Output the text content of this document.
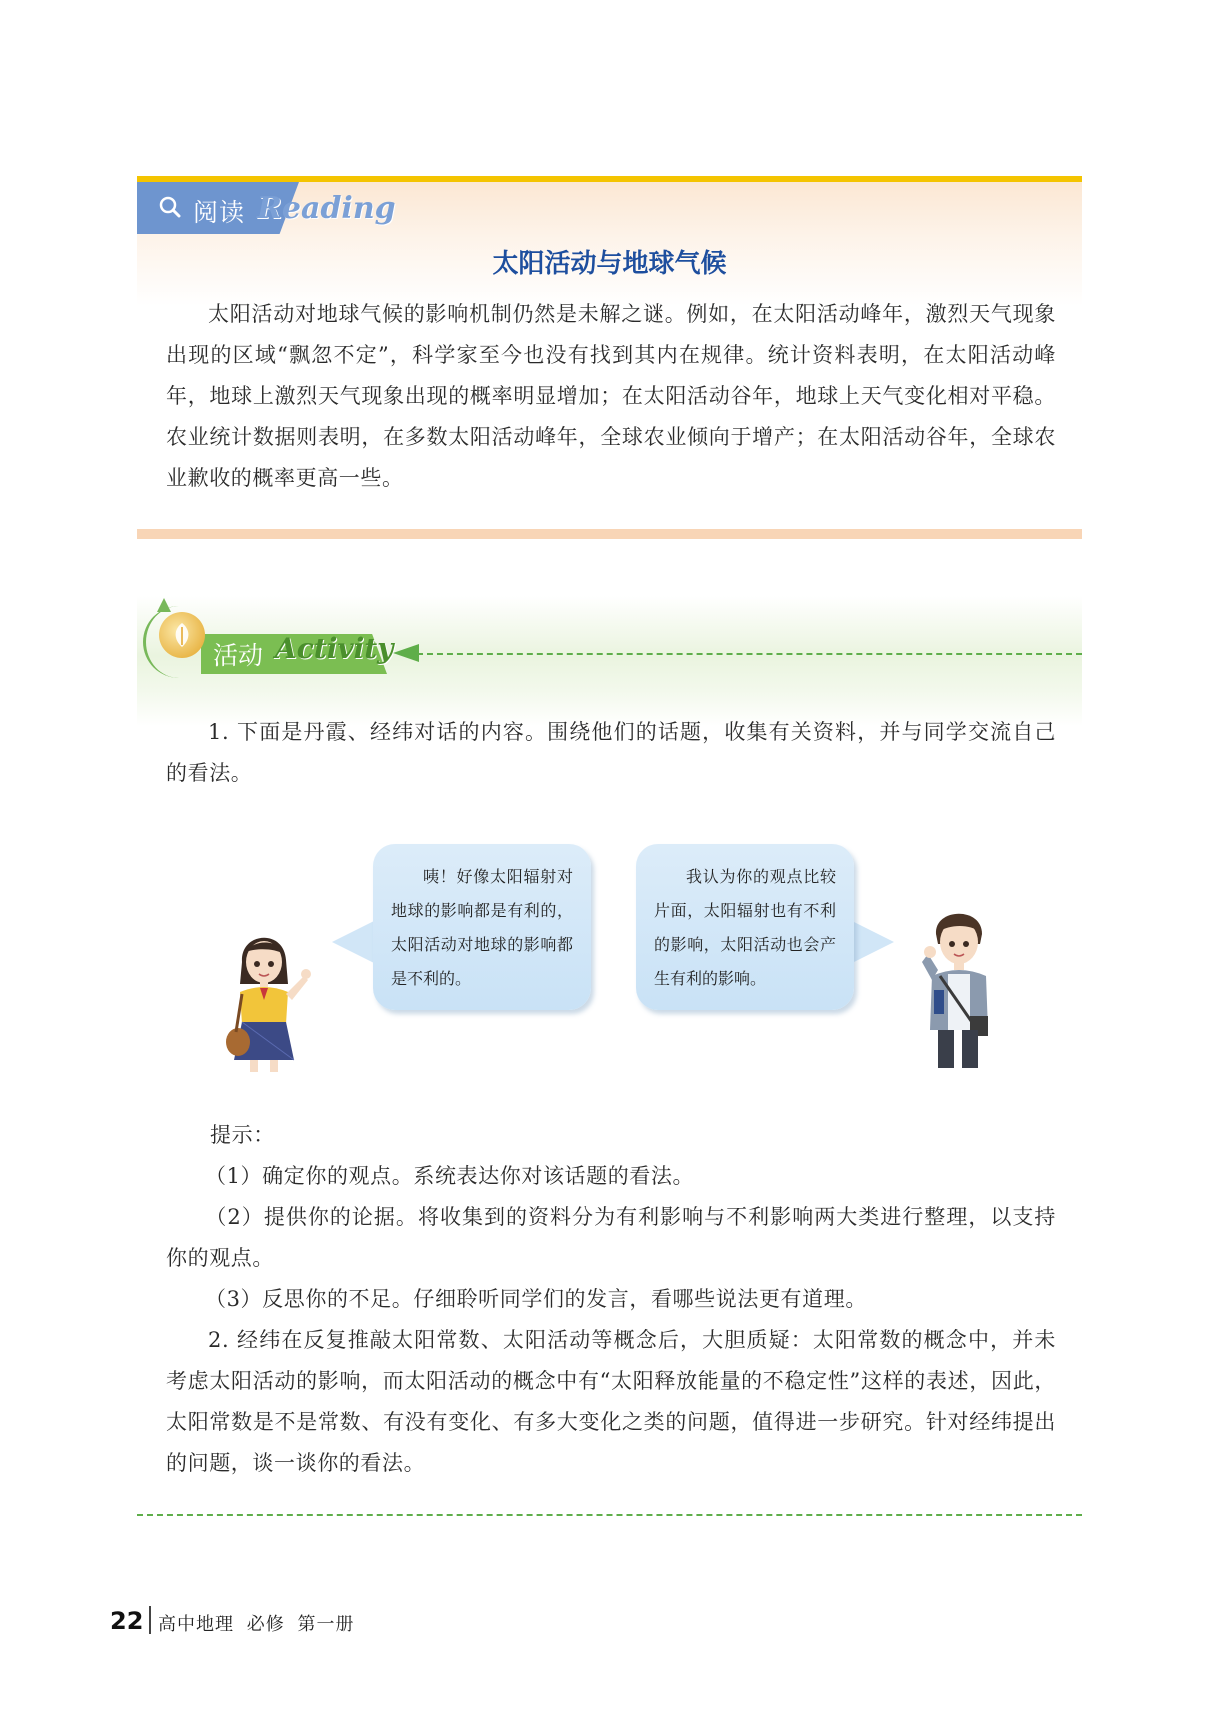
阅读 Reading
太阳活动与地球气候
太阳活动对地球气候的影响机制仍然是未解之谜。例如，在太阳活动峰年，激烈天气现象出现的区域“飘忽不定”，科学家至今也没有找到其内在规律。统计资料表明，在太阳活动峰年，地球上激烈天气现象出现的概率明显增加；在太阳活动谷年，地球上天气变化相对平稳。农业统计数据则表明，在多数太阳活动峰年，全球农业倾向于增产；在太阳活动谷年，全球农业歉收的概率更高一些。
活动 Activity
1. 下面是丹霞、经纬对话的内容。围绕他们的话题，收集有关资料，并与同学交流自己的看法。

咦！好像太阳辐射对地球的影响都是有利的，太阳活动对地球的影响都是不利的。

我认为你的观点比较片面，太阳辐射也有不利的影响，太阳活动也会产生有利的影响。

提示：
（1）确定你的观点。系统表达你对该话题的看法。
（2）提供你的论据。将收集到的资料分为有利影响与不利影响两大类进行整理，以支持你的观点。
（3）反思你的不足。仔细聆听同学们的发言，看哪些说法更有道理。
2. 经纬在反复推敲太阳常数、太阳活动等概念后，大胆质疑：太阳常数的概念中，并未考虑太阳活动的影响，而太阳活动的概念中有“太阳释放能量的不稳定性”这样的表述，因此，太阳常数是不是常数、有没有变化、有多大变化之类的问题，值得进一步研究。针对经纬提出的问题，谈一谈你的看法。
22 高中地理 必修 第一册
